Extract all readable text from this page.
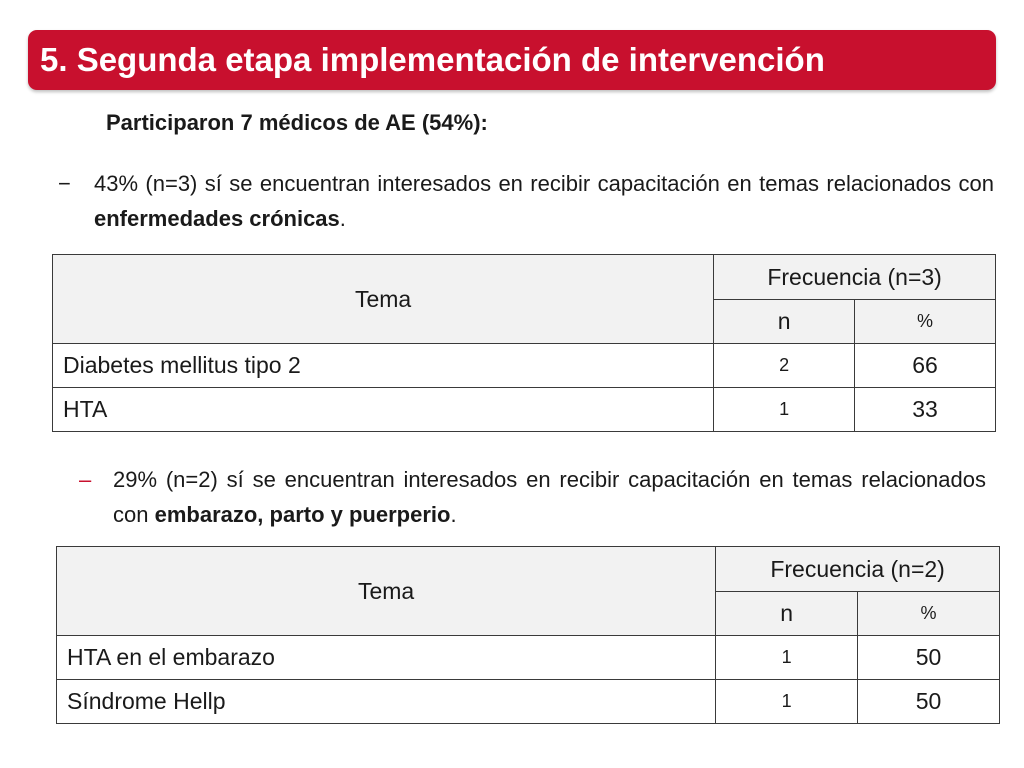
5. Segunda etapa implementación de intervención
Participaron 7 médicos de AE (54%):
− 43% (n=3) sí se encuentran interesados en recibir capacitación en temas relacionados con enfermedades crónicas.
Tema	Frecuencia (n=3)	
	n	%
Diabetes mellitus tipo 2	2	66
HTA	1	33
– 29% (n=2) sí se encuentran interesados en recibir capacitación en temas relacionados con embarazo, parto y puerperio.
Tema	Frecuencia (n=2)	
	n	%
HTA en el embarazo	1	50
Síndrome Hellp	1	50
